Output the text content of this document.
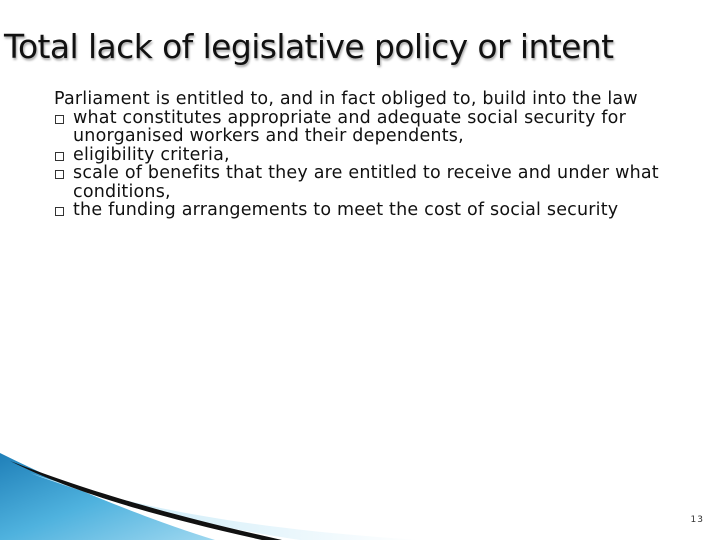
Total lack of legislative policy or intent

Parliament is entitled to, and in fact obliged to, build into the law

what constitutes appropriate and adequate social security for unorganised workers and their dependents,
eligibility criteria,
scale of benefits that they are entitled to receive and under what conditions,
the funding arrangements to meet the cost of social security
13
